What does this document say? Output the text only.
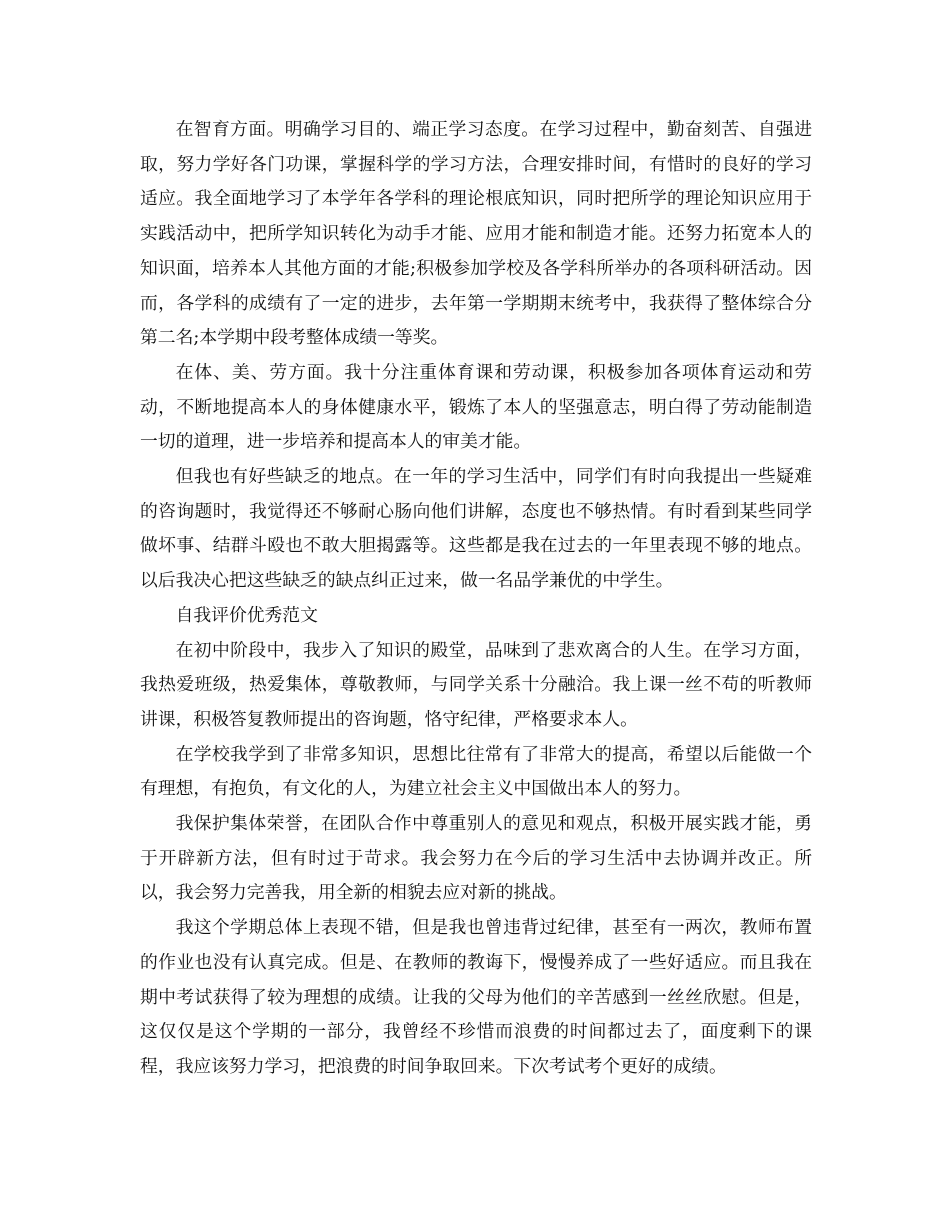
在智育方面。明确学习目的、端正学习态度。在学习过程中，勤奋刻苦、自强进取，努力学好各门功课，掌握科学的学习方法，合理安排时间，有惜时的良好的学习适应。我全面地学习了本学年各学科的理论根底知识，同时把所学的理论知识应用于实践活动中，把所学知识转化为动手才能、应用才能和制造才能。还努力拓宽本人的知识面，培养本人其他方面的才能;积极参加学校及各学科所举办的各项科研活动。因而，各学科的成绩有了一定的进步，去年第一学期期末统考中，我获得了整体综合分第二名;本学期中段考整体成绩一等奖。

在体、美、劳方面。我十分注重体育课和劳动课，积极参加各项体育运动和劳动，不断地提高本人的身体健康水平，锻炼了本人的坚强意志，明白得了劳动能制造一切的道理，进一步培养和提高本人的审美才能。

但我也有好些缺乏的地点。在一年的学习生活中，同学们有时向我提出一些疑难的咨询题时，我觉得还不够耐心肠向他们讲解，态度也不够热情。有时看到某些同学做坏事、结群斗殴也不敢大胆揭露等。这些都是我在过去的一年里表现不够的地点。以后我决心把这些缺乏的缺点纠正过来，做一名品学兼优的中学生。

自我评价优秀范文

在初中阶段中，我步入了知识的殿堂，品味到了悲欢离合的人生。在学习方面，我热爱班级，热爱集体，尊敬教师，与同学关系十分融洽。我上课一丝不苟的听教师讲课，积极答复教师提出的咨询题，恪守纪律，严格要求本人。

在学校我学到了非常多知识，思想比往常有了非常大的提高，希望以后能做一个有理想，有抱负，有文化的人，为建立社会主义中国做出本人的努力。

我保护集体荣誉，在团队合作中尊重别人的意见和观点，积极开展实践才能，勇于开辟新方法，但有时过于苛求。我会努力在今后的学习生活中去协调并改正。所以，我会努力完善我，用全新的相貌去应对新的挑战。

我这个学期总体上表现不错，但是我也曾违背过纪律，甚至有一两次，教师布置的作业也没有认真完成。但是、在教师的教诲下，慢慢养成了一些好适应。而且我在期中考试获得了较为理想的成绩。让我的父母为他们的辛苦感到一丝丝欣慰。但是，这仅仅是这个学期的一部分，我曾经不珍惜而浪费的时间都过去了，面度剩下的课程，我应该努力学习，把浪费的时间争取回来。下次考试考个更好的成绩。
